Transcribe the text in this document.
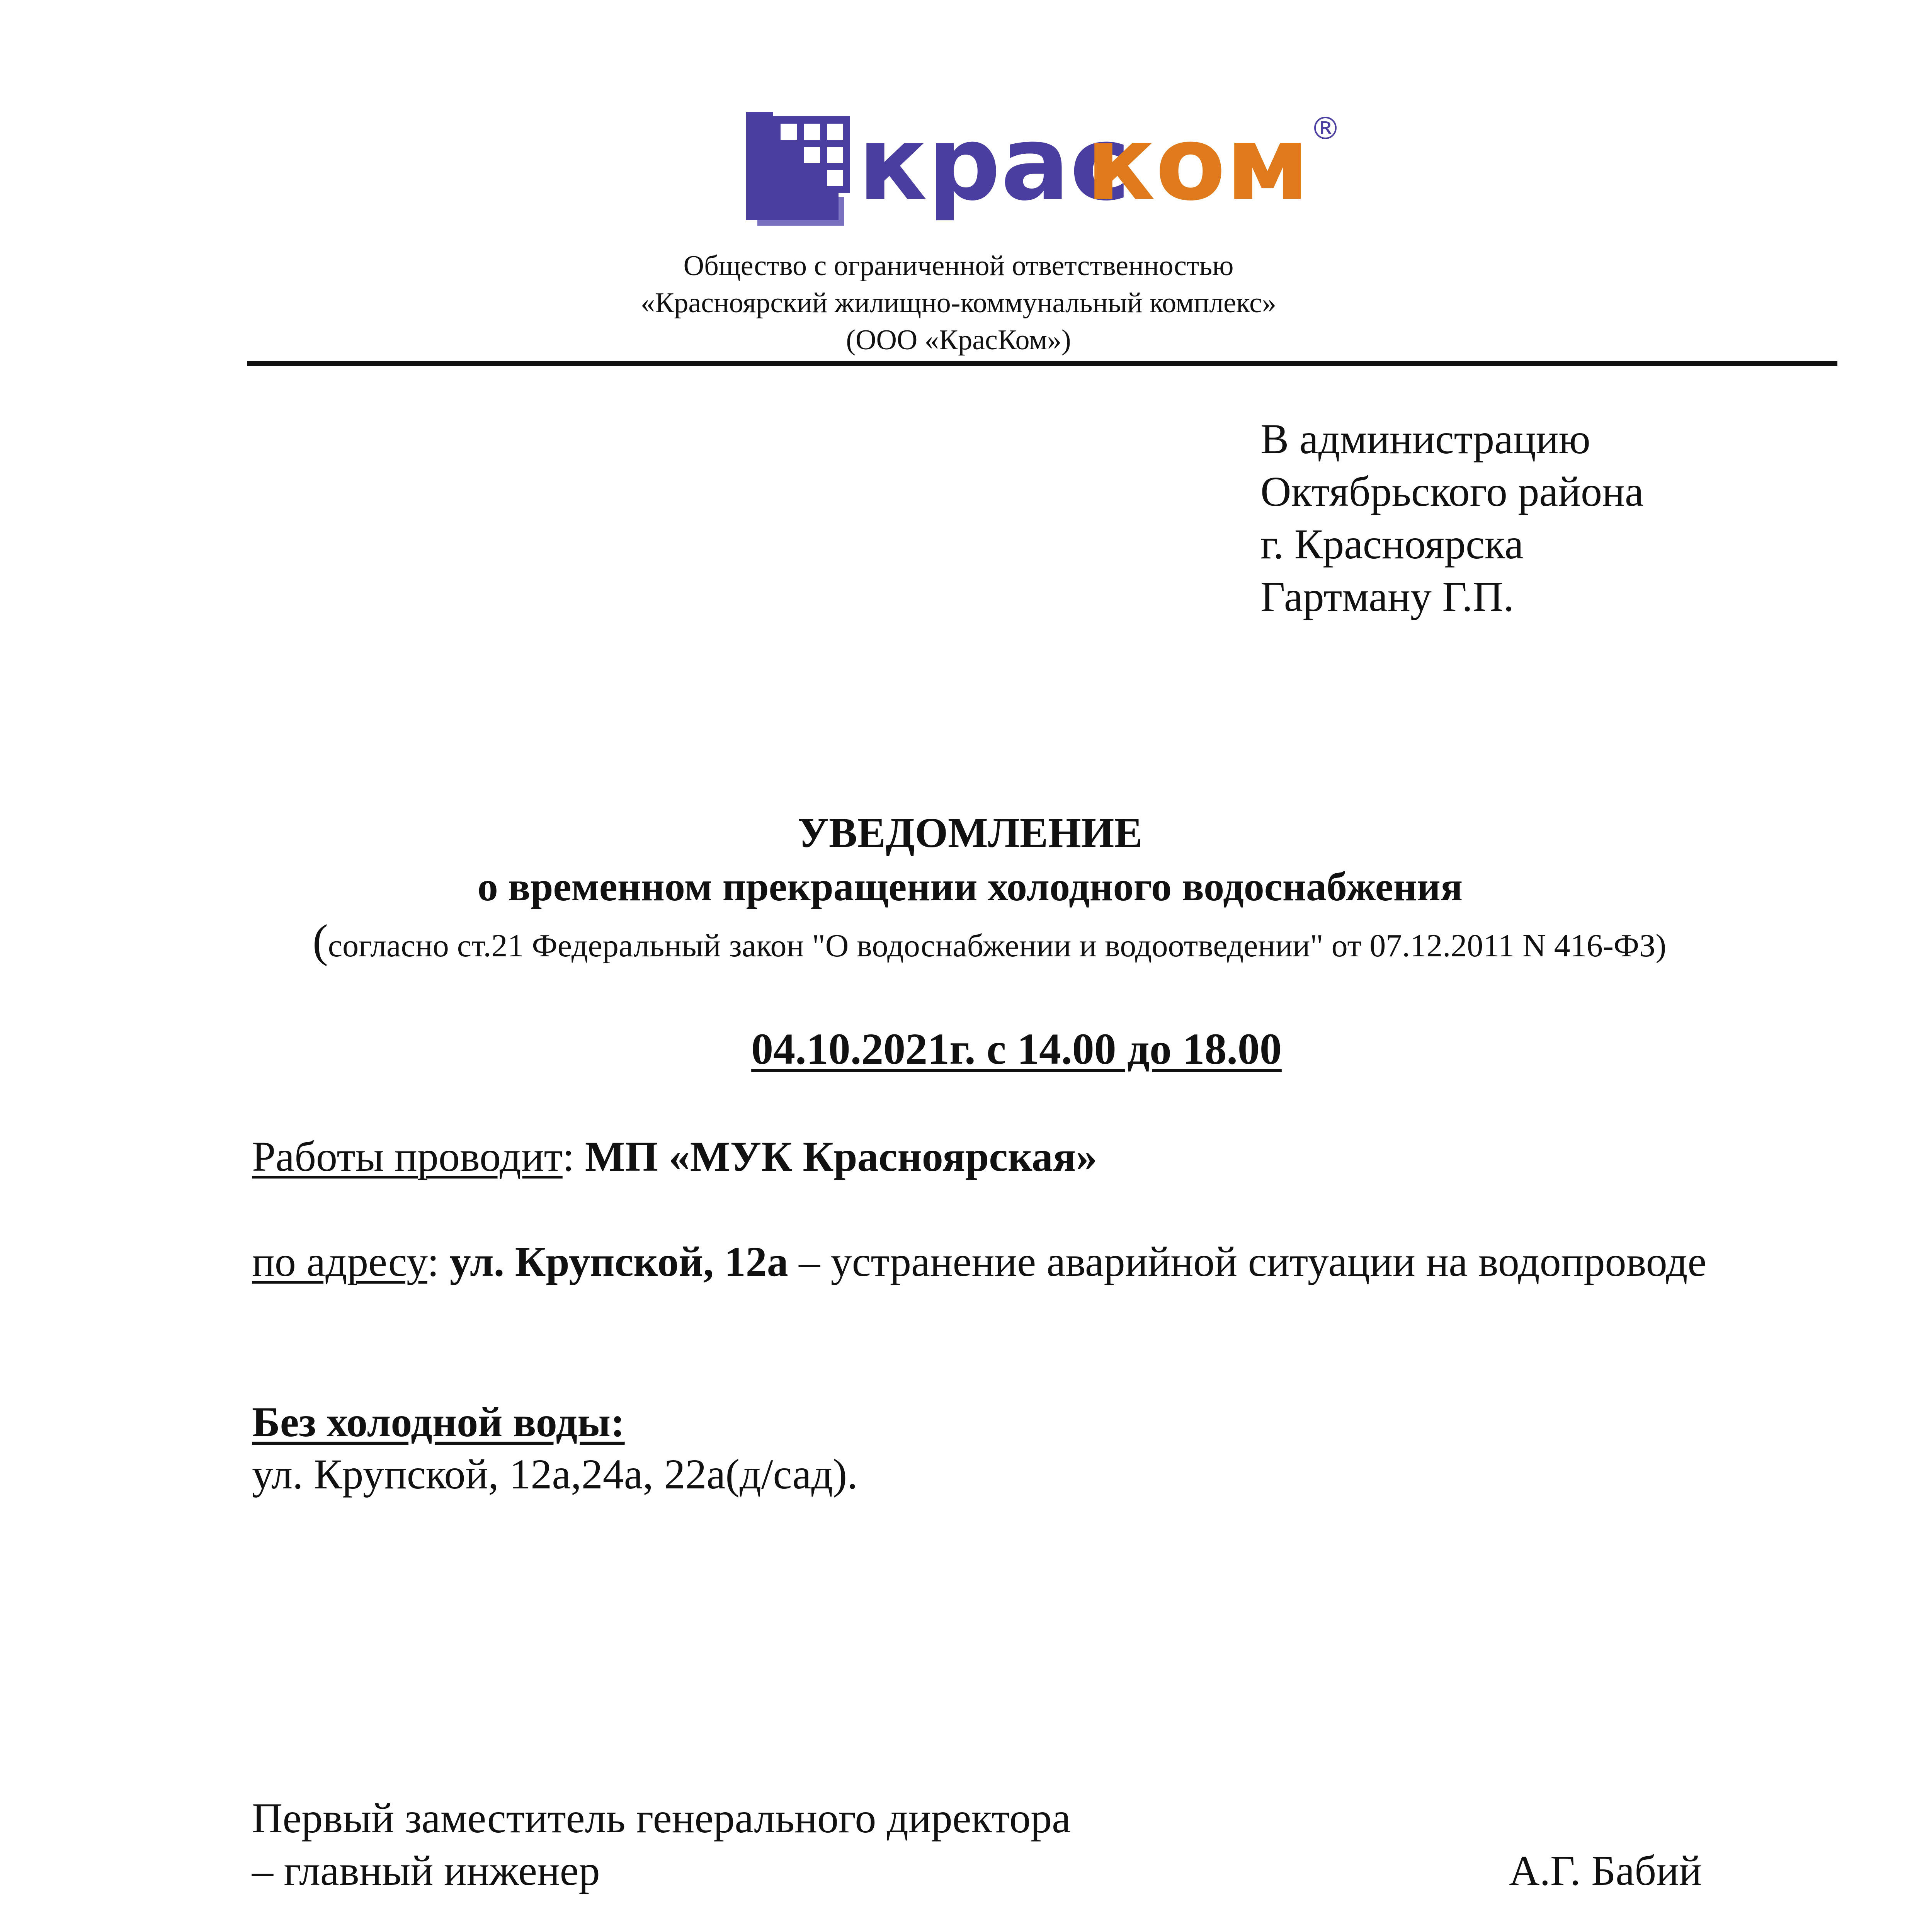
крас
ком ®
Общество с ограниченной ответственностью
«Красноярский жилищно-коммунальный комплекс»
(ООО «КрасКом»)
В администрацию
Октябрьского района
г. Красноярска
Гартману Г.П.
УВЕДОМЛЕНИЕ
о временном прекращении холодного водоснабжения
(согласно ст.21 Федеральный закон "О водоснабжении и водоотведении" от 07.12.2011 N 416-ФЗ)
04.10.2021г. с 14.00 до 18.00
Работы проводит: МП «МУК Красноярская»
по адресу: ул. Крупской, 12а – устранение аварийной ситуации на водопроводе
Без холодной воды:
ул. Крупской, 12а,24а, 22а(д/сад).
Первый заместитель генерального директора
– главный инженер	А.Г. Бабий
